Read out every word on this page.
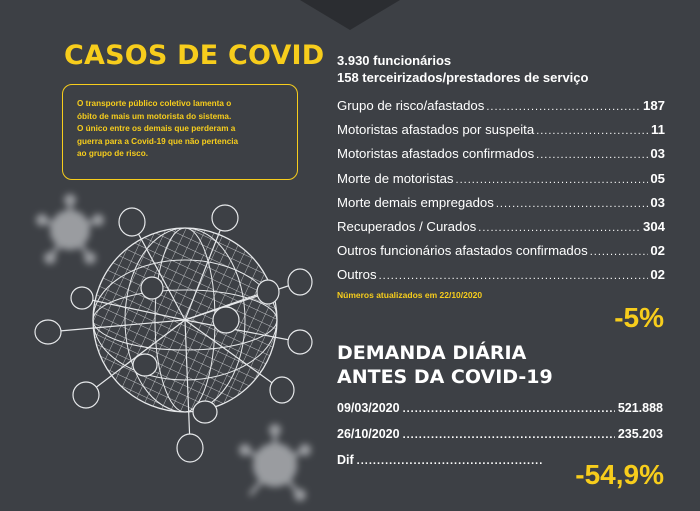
CASOS DE COVID
O transporte público coletivo lamenta o
óbito de mais um motorista do sistema.
O único entre os demais que perderam a
guerra para a Covid-19 que não pertencia
ao grupo de risco.
3.930 funcionários
158 terceirizados/prestadores de serviço
Grupo de risco/afastados .....	187
Motoristas afastados por suspeita .....	11
Motoristas afastados confirmados .....	03
Morte de motoristas .....	05
Morte demais empregados .....	03
Recuperados / Curados .....	304
Outros funcionários afastados confirmados .....	02
Outros .....	02
Números atualizados em 22/10/2020
-5%
DEMANDA DIÁRIA
ANTES DA COVID-19
09/03/2020 .....	521.888
26/10/2020 .....	235.203
Dif .....	-54,9%
